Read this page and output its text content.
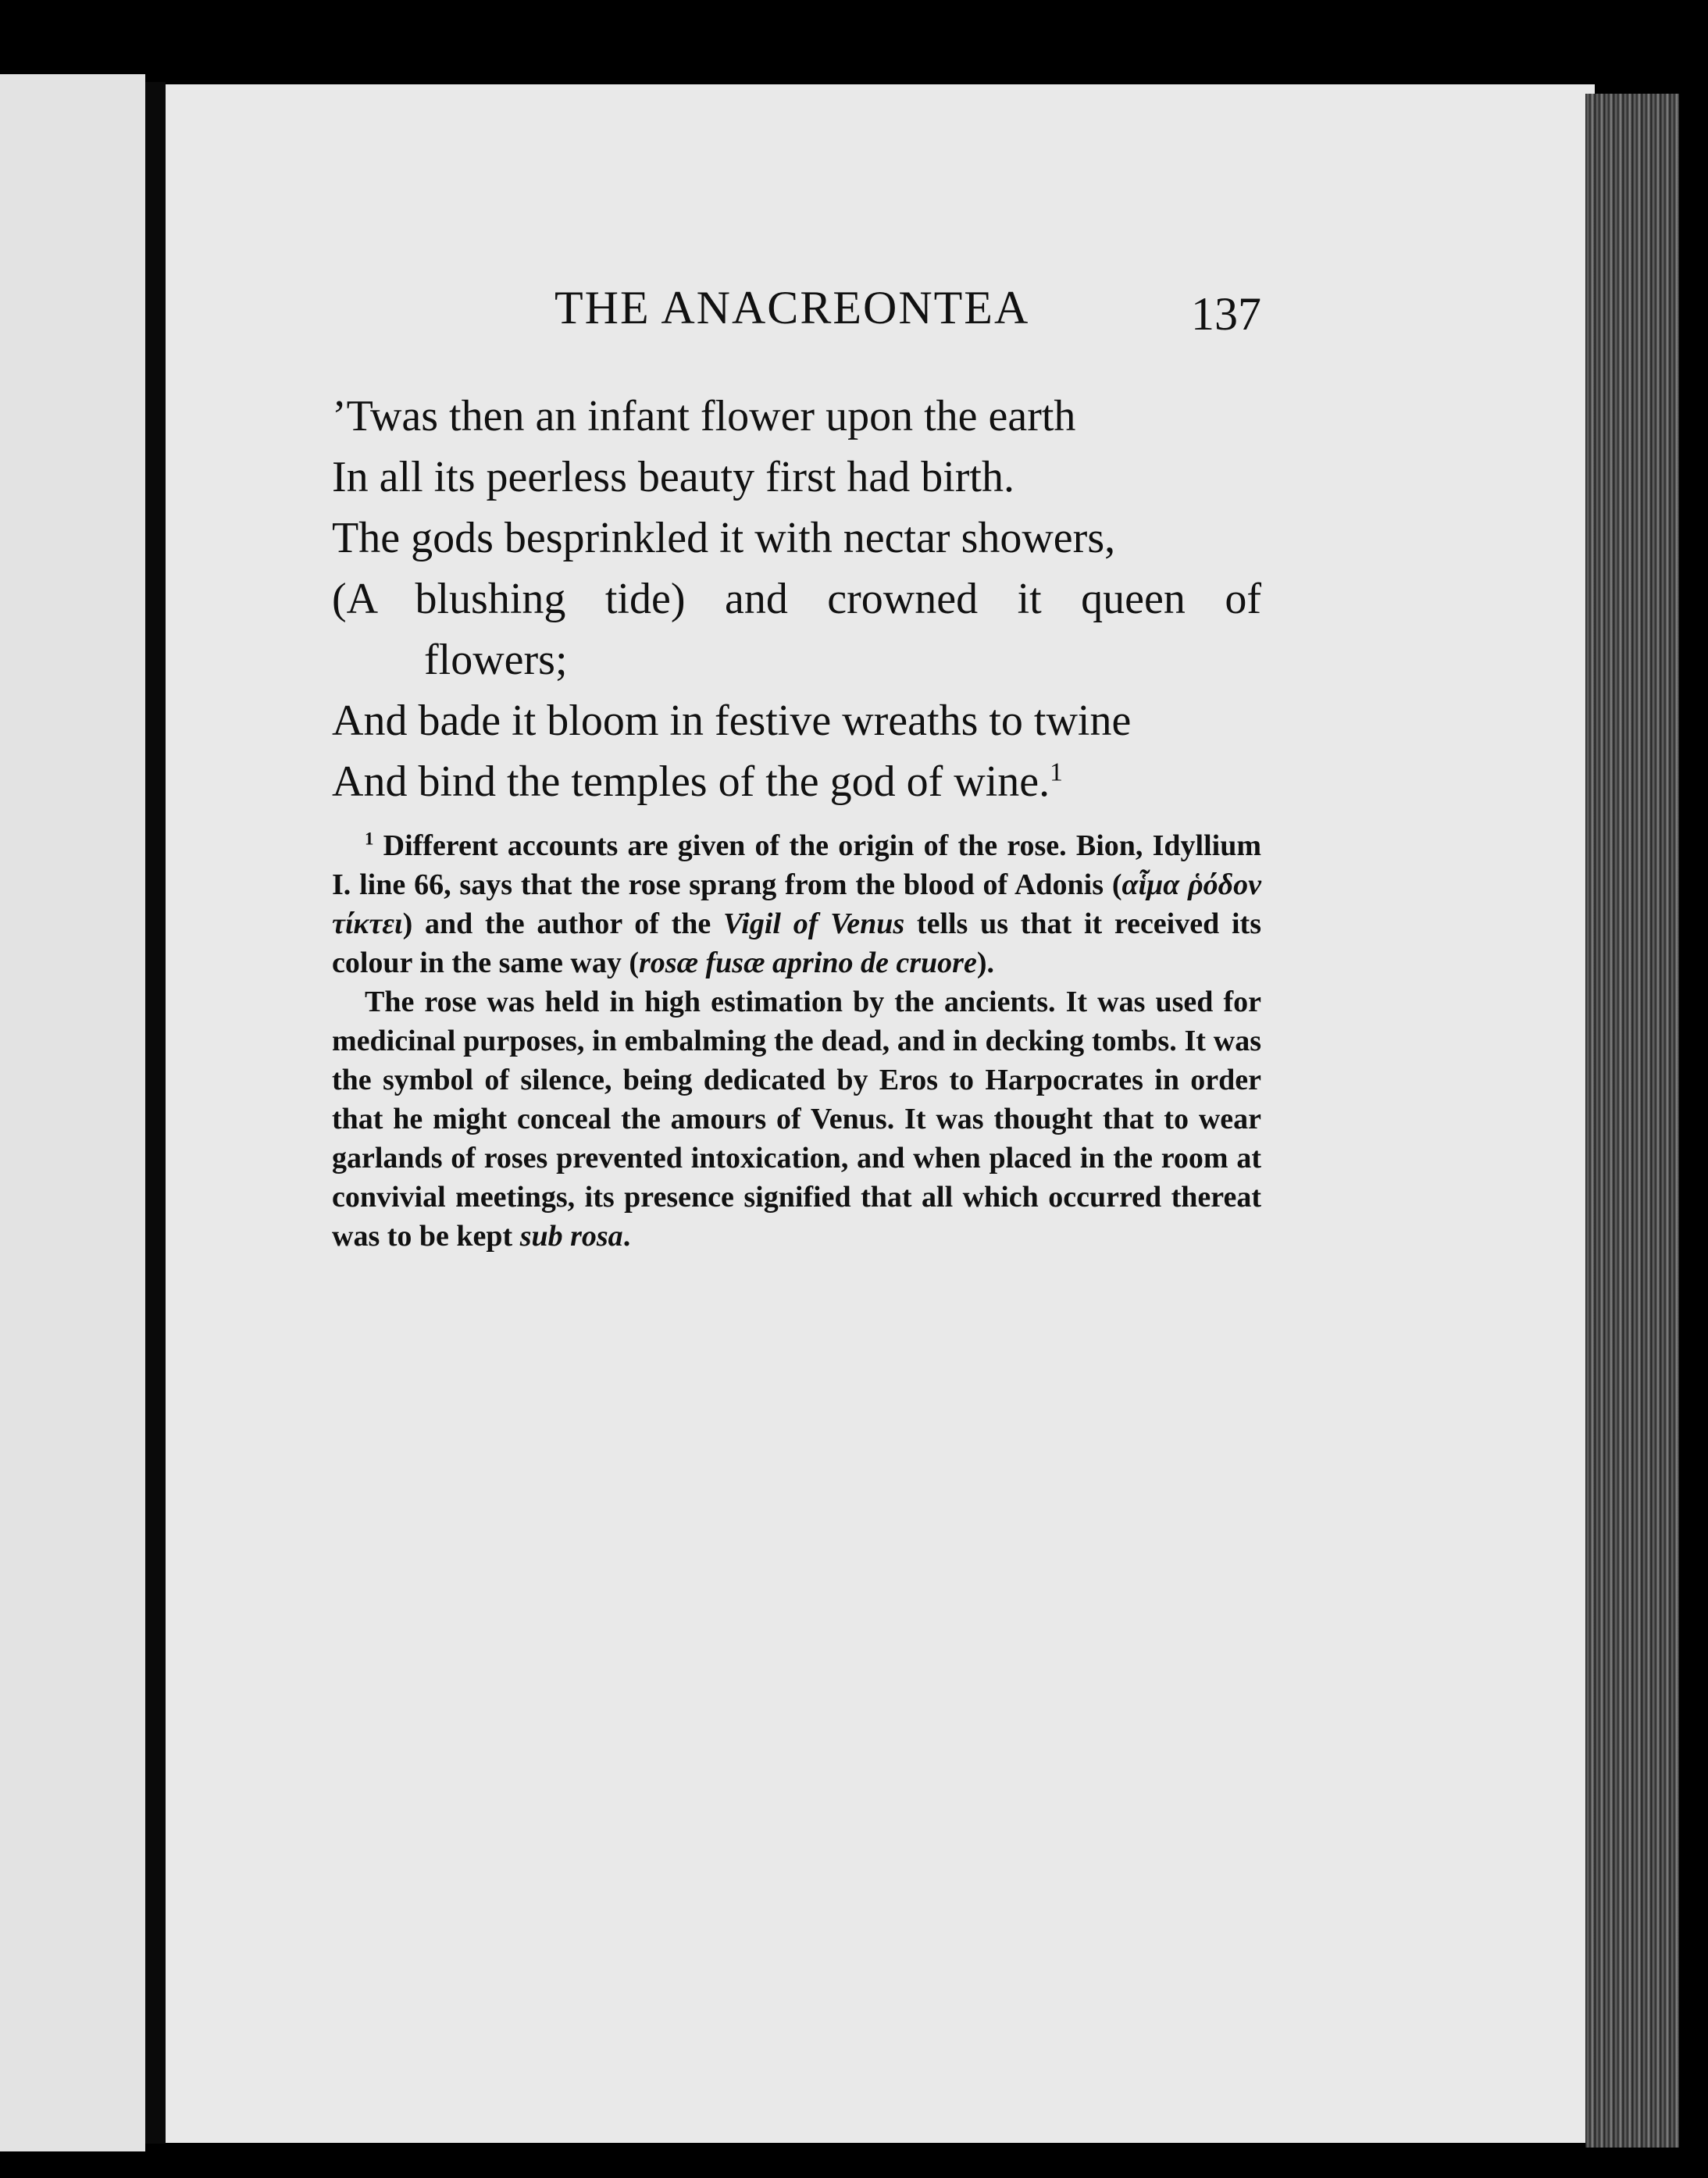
THE ANACREONTEA	137
’Twas then an infant flower upon the earth
In all its peerless beauty first had birth.
The gods besprinkled it with nectar showers,
(A blushing tide) and crowned it queen of
flowers;
And bade it bloom in festive wreaths to twine
And bind the temples of the god of wine.$^1$

$^1$ Different accounts are given of the origin of the rose. Bion, Idyllium I. line 66, says that the rose sprang from the blood of Adonis (αἷμα ῥόδον τίκτει) and the author of the Vigil of Venus tells us that it received its colour in the same way (rosæ fusæ aprino de cruore).

The rose was held in high estimation by the ancients. It was used for medicinal purposes, in embalming the dead, and in decking tombs. It was the symbol of silence, being dedicated by Eros to Harpocrates in order that he might conceal the amours of Venus. It was thought that to wear garlands of roses prevented intoxication, and when placed in the room at convivial meetings, its presence signified that all which occurred thereat was to be kept sub rosa.
